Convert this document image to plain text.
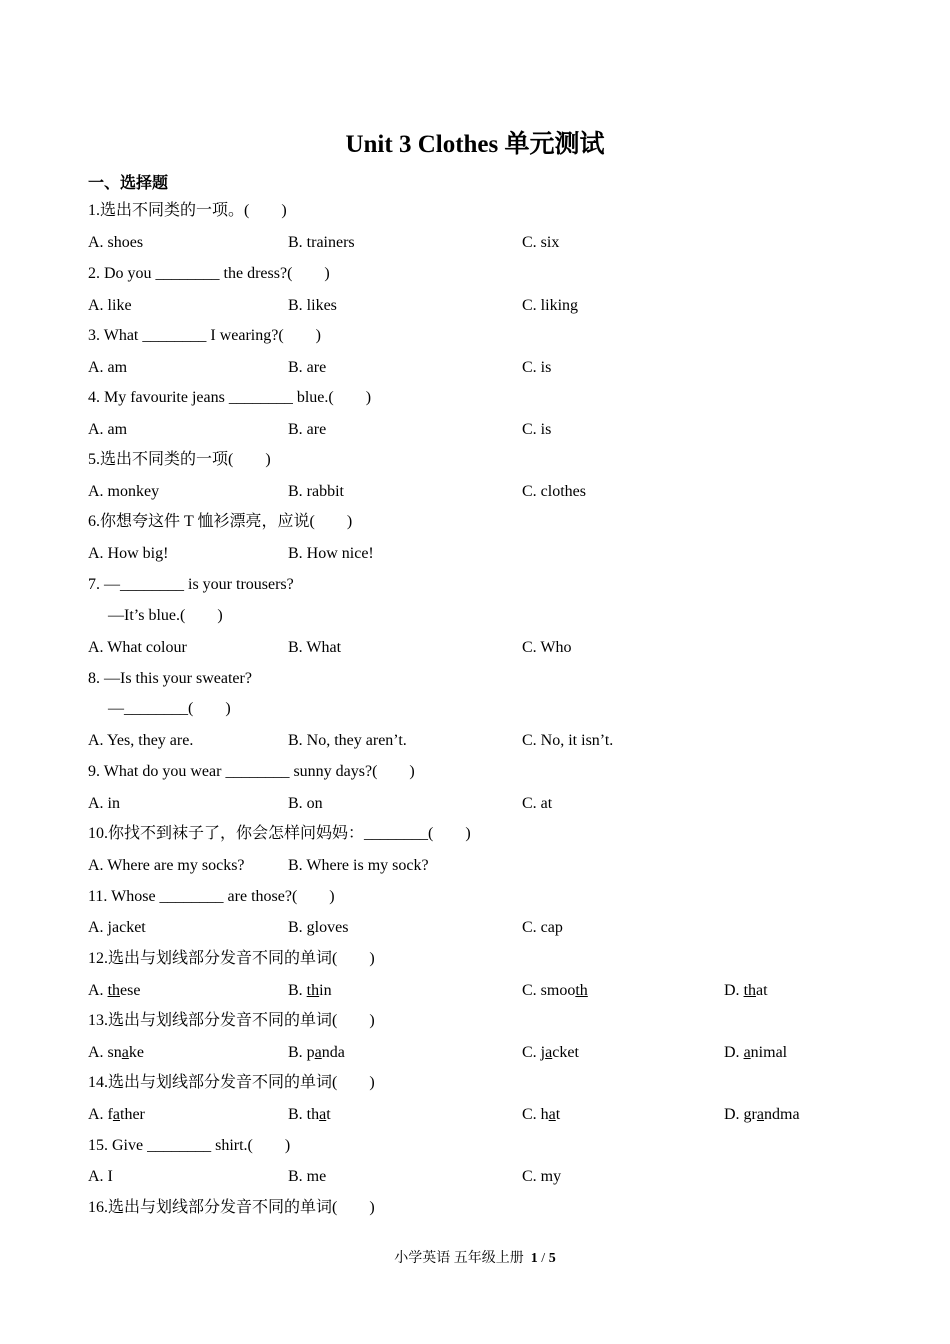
Unit 3 Clothes 单元测试
一、选择题
1.选出不同类的一项。(　　)
A. shoes	B. trainers	C. six
2. Do you ________ the dress?(　　)
A. like	B. likes	C. liking
3. What ________ I wearing?(　　)
A. am	B. are	C. is
4. My favourite jeans ________ blue.(　　)
A. am	B. are	C. is
5.选出不同类的一项(　　)
A. monkey	B. rabbit	C. clothes
6.你想夸这件 T 恤衫漂亮，应说(　　)
A. How big!	B. How nice!
7. —________ is your trousers?
—It’s blue.(　　)
A. What colour	B. What	C. Who
8. —Is this your sweater?
—________(　　)
A. Yes, they are.	B. No, they aren’t.	C. No, it isn’t.
9. What do you wear ________ sunny days?(　　)
A. in	B. on	C. at
10.你找不到袜子了，你会怎样问妈妈：________(　　)
A. Where are my socks?	B. Where is my sock?
11. Whose ________ are those?(　　)
A. jacket	B. gloves	C. cap
12.选出与划线部分发音不同的单词(　　)
A. these	B. thin	C. smooth	D. that
13.选出与划线部分发音不同的单词(　　)
A. snake	B. panda	C. jacket	D. animal
14.选出与划线部分发音不同的单词(　　)
A. father	B. that	C. hat	D. grandma
15. Give ________ shirt.(　　)
A. I	B. me	C. my
16.选出与划线部分发音不同的单词(　　)
小学英语 五年级上册 1 / 5
